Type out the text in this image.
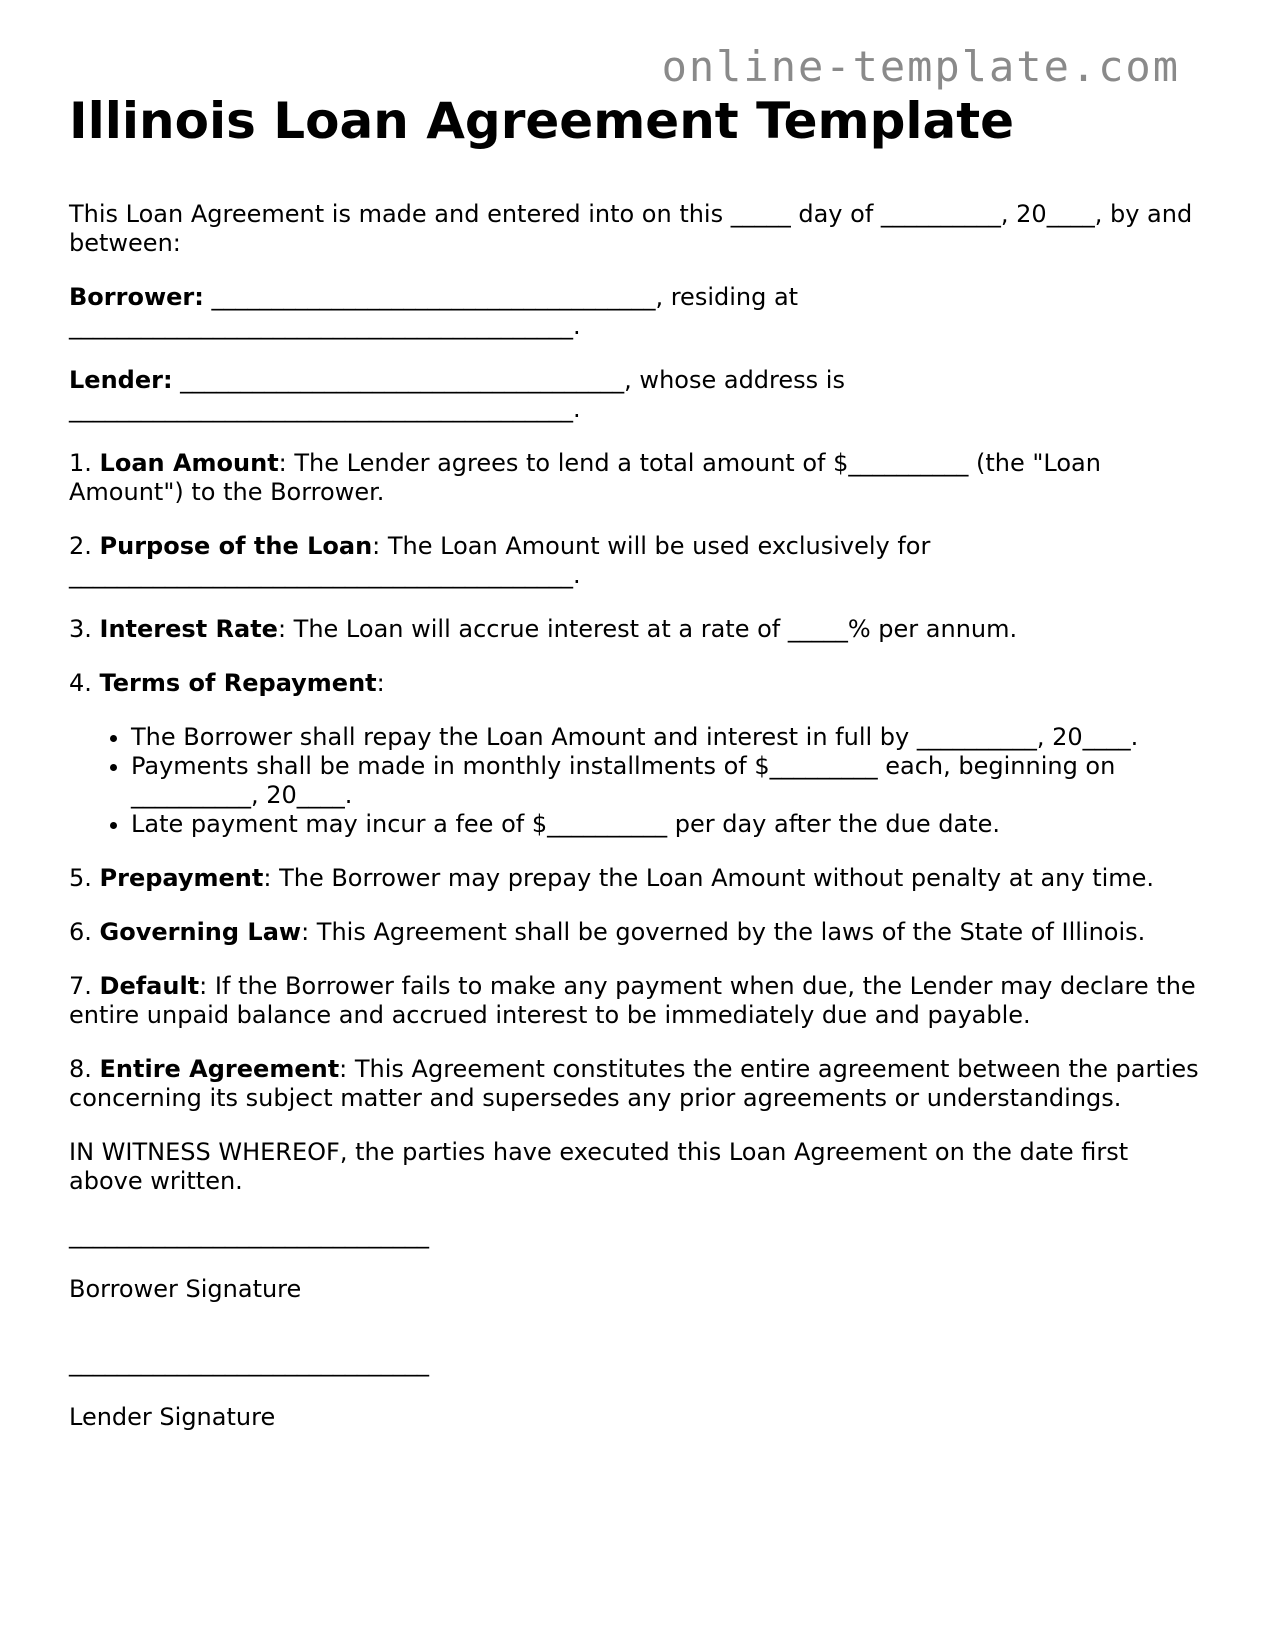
online-template.com
Illinois Loan Agreement Template

This Loan Agreement is made and entered into on this _____ day of __________, 20____, by and between:

Borrower: _____________________________________, residing at __________________________________________.

Lender: _____________________________________, whose address is __________________________________________.

1. Loan Amount: The Lender agrees to lend a total amount of $__________ (the "Loan Amount") to the Borrower.

2. Purpose of the Loan: The Loan Amount will be used exclusively for __________________________________________.

3. Interest Rate: The Loan will accrue interest at a rate of _____% per annum.

4. Terms of Repayment:

• The Borrower shall repay the Loan Amount and interest in full by __________, 20____.
• Payments shall be made in monthly installments of $_________ each, beginning on __________, 20____.
• Late payment may incur a fee of $__________ per day after the due date.

5. Prepayment: The Borrower may prepay the Loan Amount without penalty at any time.

6. Governing Law: This Agreement shall be governed by the laws of the State of Illinois.

7. Default: If the Borrower fails to make any payment when due, the Lender may declare the entire unpaid balance and accrued interest to be immediately due and payable.

8. Entire Agreement: This Agreement constitutes the entire agreement between the parties concerning its subject matter and supersedes any prior agreements or understandings.

IN WITNESS WHEREOF, the parties have executed this Loan Agreement on the date first above written.

______________________________

Borrower Signature

______________________________

Lender Signature
